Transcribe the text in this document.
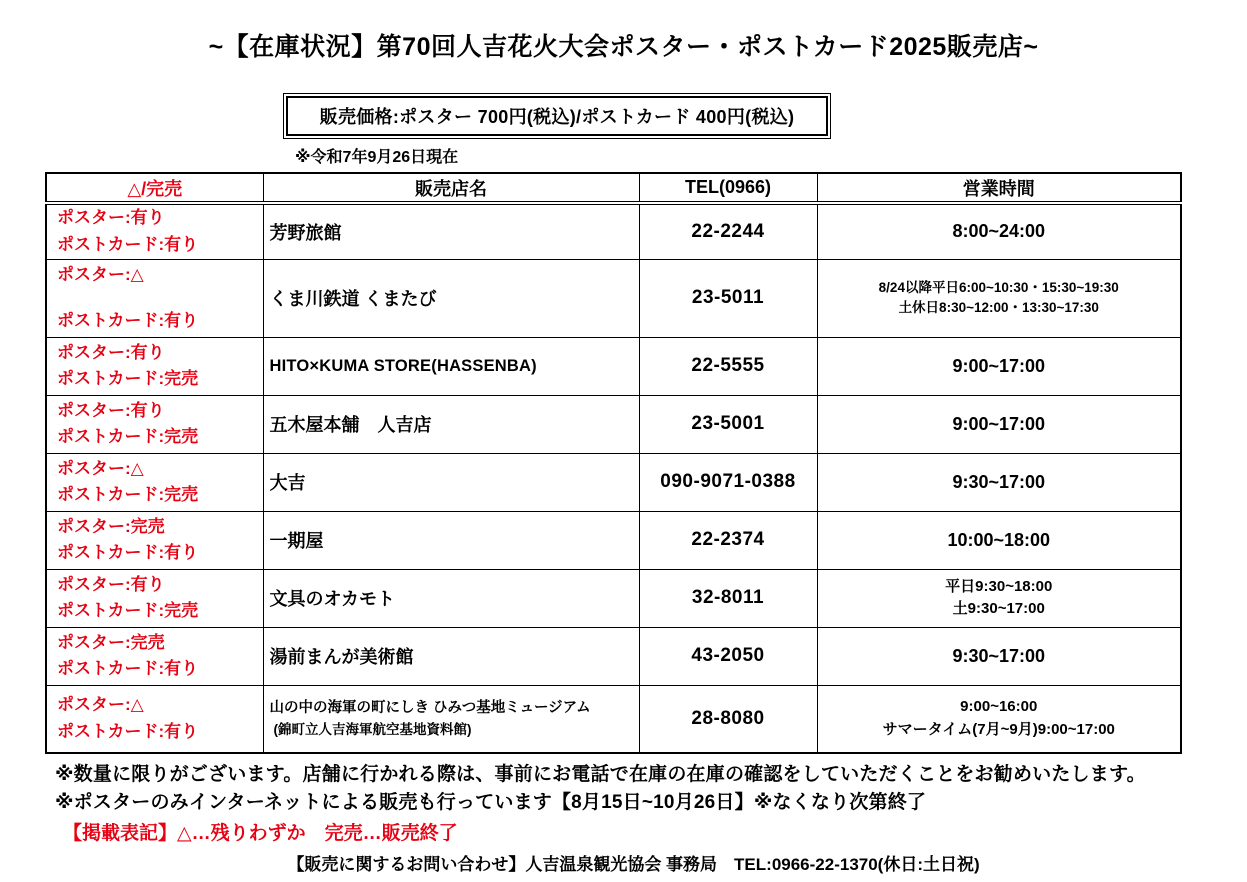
~【在庫状況】第70回人吉花火大会ポスター・ポストカード2025販売店~
販売価格:ポスター 700円(税込)/ポストカード 400円(税込)
※令和7年9月26日現在
△/完売	販売店名	TEL(0966)	営業時間

ポスター:有り
ポストカード:有り	芳野旅館	22-2244	8:00~24:00

ポスター:△
ポストカード:有り
	くま川鉄道 くまたび	23-5011	8/24以降平日6:00~10:30・15:30~19:30
土休日8:30~12:00・13:30~17:30

ポスター:有り
ポストカード:完売	HITO×KUMA STORE(HASSENBA)	22-5555	9:00~17:00

ポスター:有り
ポストカード:完売	五木屋本舗　人吉店	23-5001	9:00~17:00

ポスター:△
ポストカード:完売	大吉	090-9071-0388	9:30~17:00

ポスター:完売
ポストカード:有り	一期屋	22-2374	10:00~18:00

ポスター:有り
ポストカード:完売
	文具のオカモト	32-8011	
平日9:30~18:00
土9:30~17:00

ポスター:完売
ポストカード:有り	湯前まんが美術館	43-2050	9:30~17:00

ポスター:△
ポストカード:有り

山の中の海軍の町にしき ひみつ基地ミュージアム
(錦町立人吉海軍航空基地資料館)
	28-8080	
9:00~16:00
サマータイム(7月~9月)9:00~17:00
※数量に限りがございます。店舗に行かれる際は、事前にお電話で在庫の在庫の確認をしていただくことをお勧めいたします。
※ポスターのみインターネットによる販売も行っています【8月15日~10月26日】※なくなり次第終了
【掲載表記】△…残りわずか　完売…販売終了
【販売に関するお問い合わせ】人吉温泉観光協会 事務局　TEL:0966-22-1370(休日:土日祝)
